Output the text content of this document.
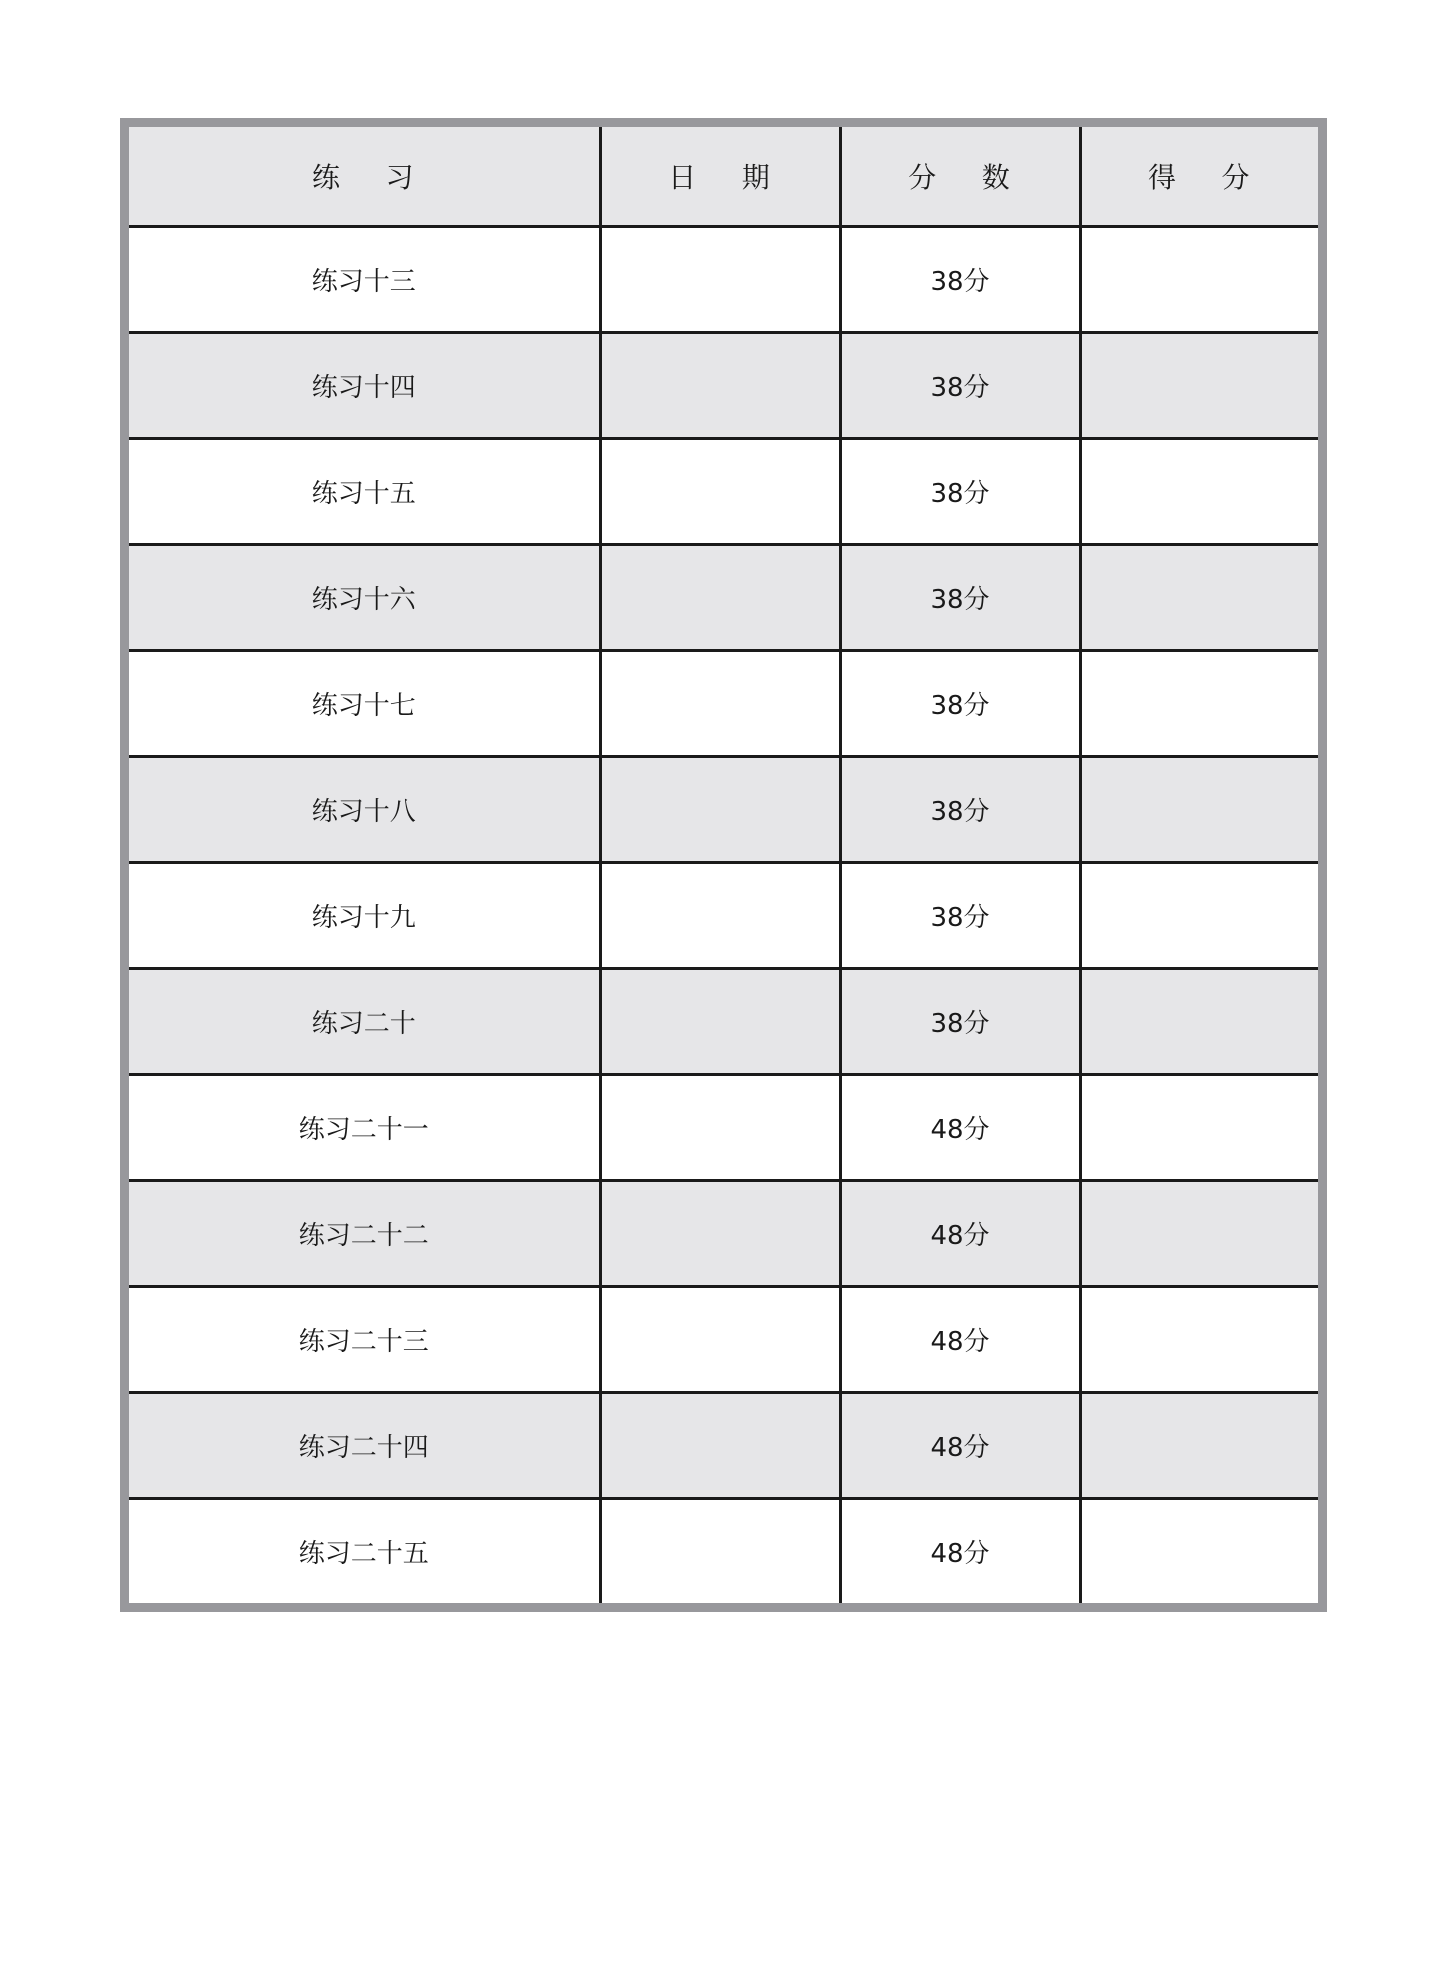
练    习	日    期	分    数	得    分
练习十三		38分	
练习十四		38分	
练习十五		38分	
练习十六		38分	
练习十七		38分	
练习十八		38分	
练习十九		38分	
练习二十		38分	
练习二十一		48分	
练习二十二		48分	
练习二十三		48分	
练习二十四		48分	
练习二十五		48分	
